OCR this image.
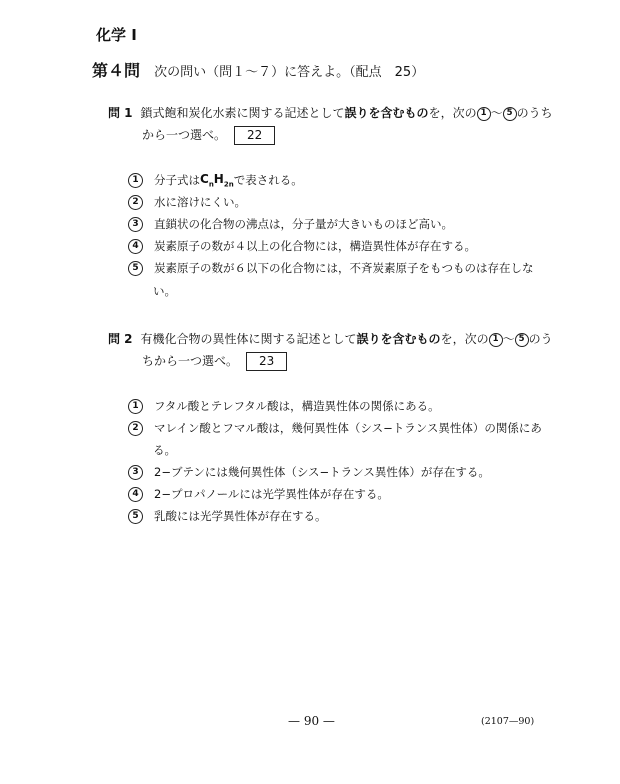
化学 I
第４問 次の問い（問１〜７）に答えよ。（配点　25）
問 1 鎖式飽和炭化水素に関する記述として誤りを含むものを，次の 1 〜 5 のうち
から一つ選べ。 22
1	分子式は $C_nH_{2n}$ で表される。
2	水に溶けにくい。
3	直鎖状の化合物の沸点は，分子量が大きいものほど高い。
4	炭素原子の数が４以上の化合物には，構造異性体が存在する。
5	炭素原子の数が６以下の化合物には，不斉炭素原子をもつものは存在しな
い。
問 2 有機化合物の異性体に関する記述として誤りを含むものを，次の 1 〜 5 のう
ちから一つ選べ。 23
1	フタル酸とテレフタル酸は，構造異性体の関係にある。
2	マレイン酸とフマル酸は，幾何異性体（シス−トランス異性体）の関係にあ
る。
3	2−ブテンには幾何異性体（シス−トランス異性体）が存在する。
4	2−プロパノールには光学異性体が存在する。
5	乳酸には光学異性体が存在する。
— 90 —	(2107—90)
